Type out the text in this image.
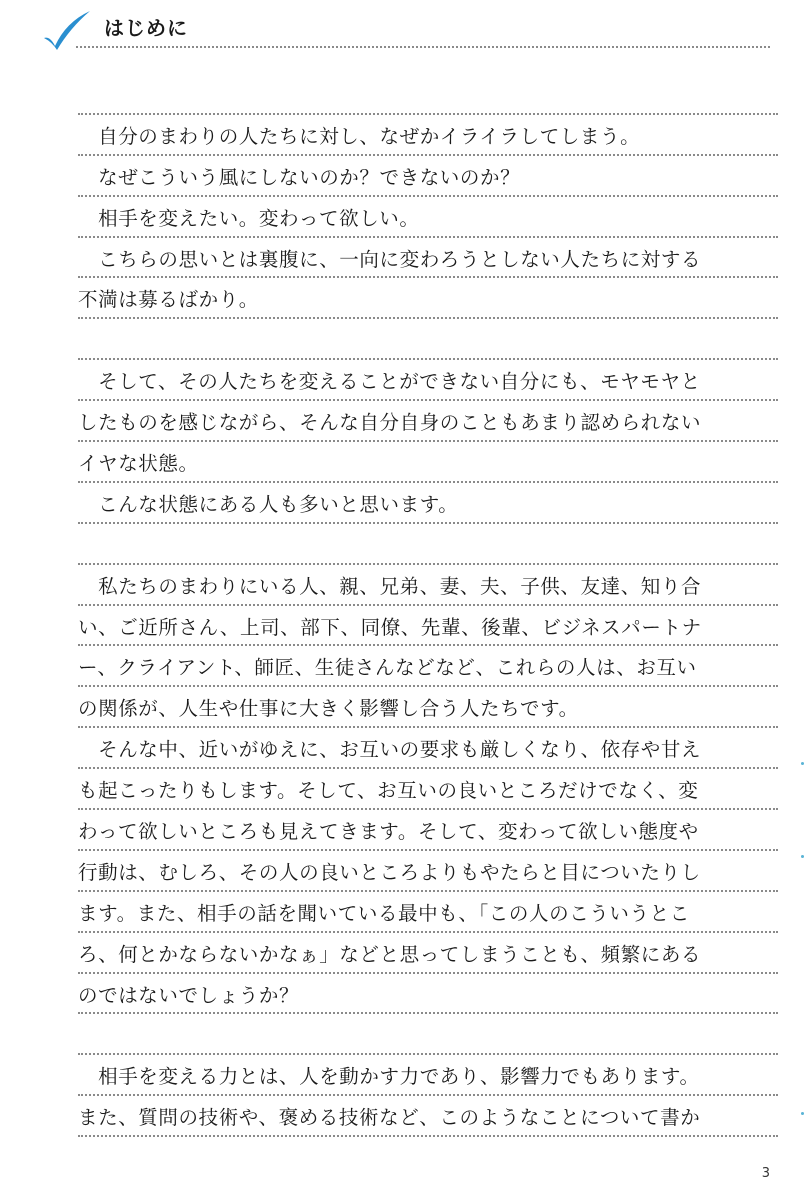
はじめに
　自分のまわりの人たちに対し、なぜかイライラしてしまう。
　なぜこういう風にしないのか？できないのか？
　相手を変えたい。変わって欲しい。
　こちらの思いとは裏腹に、一向に変わろうとしない人たちに対する
不満は募るばかり。
　そして、その人たちを変えることができない自分にも、モヤモヤと
したものを感じながら、そんな自分自身のこともあまり認められない
イヤな状態。
　こんな状態にある人も多いと思います。
　私たちのまわりにいる人、親、兄弟、妻、夫、子供、友達、知り合
い、ご近所さん、上司、部下、同僚、先輩、後輩、ビジネスパートナ
ー、クライアント、師匠、生徒さんなどなど、これらの人は、お互い
の関係が、人生や仕事に大きく影響し合う人たちです。
　そんな中、近いがゆえに、お互いの要求も厳しくなり、依存や甘え
も起こったりもします。そして、お互いの良いところだけでなく、変
わって欲しいところも見えてきます。そして、変わって欲しい態度や
行動は、むしろ、その人の良いところよりもやたらと目についたりし
ます。また、相手の話を聞いている最中も、「この人のこういうとこ
ろ、何とかならないかなぁ」などと思ってしまうことも、頻繁にある
のではないでしょうか？
　相手を変える力とは、人を動かす力であり、影響力でもあります。
また、質問の技術や、褒める技術など、このようなことについて書か
3
